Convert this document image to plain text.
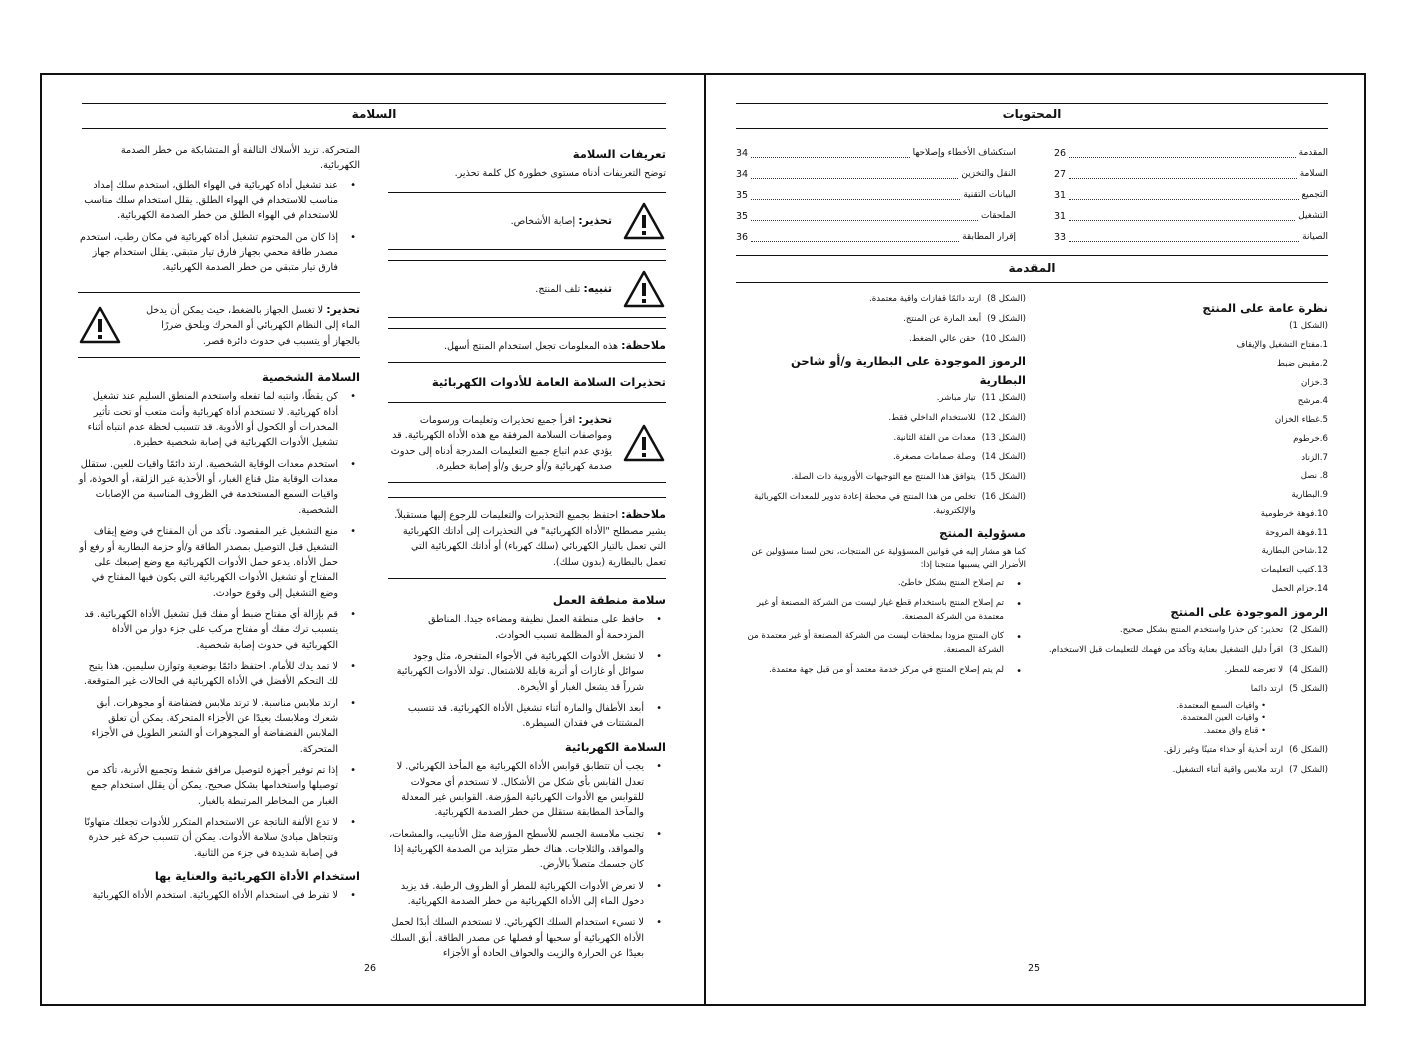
السلامة
تعريفات السلامة

توضح التعريفات أدناه مستوى خطورة كل كلمة تحذير.

تحذير: إصابة الأشخاص.
تنبيه: تلف المنتج.
ملاحظة: هذه المعلومات تجعل استخدام المنتج أسهل.
تحذيرات السلامة العامة للأدوات الكهربائية
تحذير: اقرأ جميع تحذيرات وتعليمات ورسومات ومواصفات السلامة المرفقة مع هذه الأداة الكهربائية. قد يؤدي عدم اتباع جميع التعليمات المدرجة أدناه إلى حدوث صدمة كهربائية و/أو حريق و/أو إصابة خطيرة.
ملاحظة: احتفظ بجميع التحذيرات والتعليمات للرجوع إليها مستقبلاً. يشير مصطلح "الأداة الكهربائية" في التحذيرات إلى أداتك الكهربائية التي تعمل بالتيار الكهربائي (سلك كهرباء) أو أداتك الكهربائية التي تعمل بالبطارية (بدون سلك).
سلامة منطقة العمل
• حافظ على منطقة العمل نظيفة ومضاءة جيدا. المناطق المزدحمة أو المظلمة تسبب الحوادث.
• لا تشغل الأدوات الكهربائية في الأجواء المتفجرة، مثل وجود سوائل أو غازات أو أتربة قابلة للاشتعال. تولد الأدوات الكهربائية شرراً قد يشعل الغبار أو الأبخرة.
• أبعد الأطفال والمارة أثناء تشغيل الأداة الكهربائية. قد تتسبب المشتتات في فقدان السيطرة.
السلامة الكهربائية
• يجب أن تتطابق قوابس الأداة الكهربائية مع المأخذ الكهربائي. لا تعدل القابس بأي شكل من الأشكال. لا تستخدم أي محولات للقوابس مع الأدوات الكهربائية المؤرضة. القوابس غير المعدلة والمآخذ المطابقة ستقلل من خطر الصدمة الكهربائية.
• تجنب ملامسة الجسم للأسطح المؤرضة مثل الأنابيب، والمشعات، والمواقد، والثلاجات. هناك خطر متزايد من الصدمة الكهربائية إذا كان جسمك متصلاً بالأرض.
• لا تعرض الأدوات الكهربائية للمطر أو الظروف الرطبة. قد يزيد دخول الماء إلى الأداة الكهربائية من خطر الصدمة الكهربائية.
• لا تسيء استخدام السلك الكهربائي. لا تستخدم السلك أبدًا لحمل الأداة الكهربائية أو سحبها أو فصلها عن مصدر الطاقة. أبق السلك بعيدًا عن الحرارة والزيت والحواف الحادة أو الأجزاء

المتحركة. تزيد الأسلاك التالفة أو المتشابكة من خطر الصدمة الكهربائية.

• عند تشغيل أداة كهربائية في الهواء الطلق، استخدم سلك إمداد مناسب للاستخدام في الهواء الطلق. يقلل استخدام سلك مناسب للاستخدام في الهواء الطلق من خطر الصدمة الكهربائية.
• إذا كان من المحتوم تشغيل أداة كهربائية في مكان رطب، استخدم مصدر طاقة محمي بجهاز فارق تيار متبقي. يقلل استخدام جهاز فارق تيار متبقي من خطر الصدمة الكهربائية.
تحذير: لا تغسل الجهاز بالضغط، حيث يمكن أن يدخل الماء إلى النظام الكهربائي أو المحرك ويلحق ضررًا بالجهاز أو يتسبب في حدوث دائرة قصر.
السلامة الشخصية
• كن يقظًا، وانتبه لما تفعله واستخدم المنطق السليم عند تشغيل أداة كهربائية. لا تستخدم أداة كهربائية وأنت متعب أو تحت تأثير المخدرات أو الكحول أو الأدوية. قد تتسبب لحظة عدم انتباه أثناء تشغيل الأدوات الكهربائية في إصابة شخصية خطيرة.
• استخدم معدات الوقاية الشخصية. ارتد دائمًا واقيات للعين. ستقلل معدات الوقاية مثل قناع الغبار، أو الأحذية غير الزلقة، أو الخوذة، أو واقيات السمع المستخدمة في الظروف المناسبة من الإصابات الشخصية.
• منع التشغيل غير المقصود. تأكد من أن المفتاح في وضع إيقاف التشغيل قبل التوصيل بمصدر الطاقة و/أو حزمة البطارية أو رفع أو حمل الأداة. يدعو حمل الأدوات الكهربائية مع وضع إصبعك على المفتاح أو تشغيل الأدوات الكهربائية التي يكون فيها المفتاح في وضع التشغيل إلى وقوع حوادث.
• قم بإزالة أي مفتاح ضبط أو مفك قبل تشغيل الأداة الكهربائية. قد يتسبب ترك مفك أو مفتاح مركب على جزء دوار من الأداة الكهربائية في حدوث إصابة شخصية.
• لا تمد يدك للأمام. احتفظ دائمًا بوضعية وتوازن سليمين. هذا يتيح لك التحكم الأفضل في الأداة الكهربائية في الحالات غير المتوقعة.
• ارتد ملابس مناسبة. لا ترتد ملابس فضفاضة أو مجوهرات. أبق شعرك وملابسك بعيدًا عن الأجزاء المتحركة. يمكن أن تعلق الملابس الفضفاضة أو المجوهرات أو الشعر الطويل في الأجزاء المتحركة.
• إذا تم توفير أجهزة لتوصيل مرافق شفط وتجميع الأتربة، تأكد من توصيلها واستخدامها بشكل صحيح. يمكن أن يقلل استخدام جمع الغبار من المخاطر المرتبطة بالغبار.
• لا تدع الألفة الناتجة عن الاستخدام المتكرر للأدوات تجعلك متهاونًا وتتجاهل مبادئ سلامة الأدوات. يمكن أن تتسبب حركة غير حذرة في إصابة شديدة في جزء من الثانية.
استخدام الأداة الكهربائية والعناية بها
• لا تفرط في استخدام الأداة الكهربائية. استخدم الأداة الكهربائية
26
المحتويات
المقدمة
26
السلامة
27
التجميع
31
التشغيل
31
الصيانة
33
استكشاف الأخطاء وإصلاحها
34
النقل والتخزين
34
البيانات التقنية
35
الملحقات
35
إقرار المطابقة
36
المقدمة
نظرة عامة على المنتج
(الشكل 1)
1.مفتاح التشغيل والإيقاف
2.مقبض ضبط
3.خزان
4.مرشح
5.غطاء الخزان
6.خرطوم
7.الزناد
8. نصل
9.البطارية
10.فوهة خرطومية
11.فوهة المروحة
12.شاحن البطارية
13.كتيب التعليمات
14.حزام الحمل
الرموز الموجودة على المنتج
(الشكل 2)
تحذير: كن حذرا واستخدم المنتج بشكل صحيح.
(الشكل 3)
اقرأ دليل التشغيل بعناية وتأكد من فهمك للتعليمات قبل الاستخدام.
(الشكل 4)
لا تعرضه للمطر.
(الشكل 5)
ارتد دائما
• واقيات السمع المعتمدة.
• واقيات العين المعتمدة.
• قناع واق معتمد.
(الشكل 6)
ارتد أحذية أو حذاء متينًا وغير زلق.
(الشكل 7)
ارتد ملابس واقية أثناء التشغيل.
(الشكل 8)
ارتد دائمًا قفازات واقية معتمدة.
(الشكل 9)
أبعد المارة عن المنتج.
(الشكل 10)
حقن عالي الضغط.
الرموز الموجودة على البطارية و/أو شاحن البطارية
(الشكل 11)
تيار مباشر.
(الشكل 12)
للاستخدام الداخلي فقط.
(الشكل 13)
معدات من الفئة الثانية.
(الشكل 14)
وصلة صمامات مصغرة.
(الشكل 15)
يتوافق هذا المنتج مع التوجيهات الأوروبية ذات الصلة.
(الشكل 16)
تخلص من هذا المنتج في محطة إعادة تدوير للمعدات الكهربائية والإلكترونية.
مسؤولية المنتج

كما هو مشار إليه في قوانين المسؤولية عن المنتجات، نحن لسنا مسؤولين عن الأضرار التي يسببها منتجنا إذا:

• تم إصلاح المنتج بشكل خاطئ.
• تم إصلاح المنتج باستخدام قطع غيار ليست من الشركة المصنعة أو غير معتمدة من الشركة المصنعة.
• كان المنتج مزودا بملحقات ليست من الشركة المصنعة أو غير معتمدة من الشركة المصنعة.
• لم يتم إصلاح المنتج في مركز خدمة معتمد أو من قبل جهة معتمدة.
25
